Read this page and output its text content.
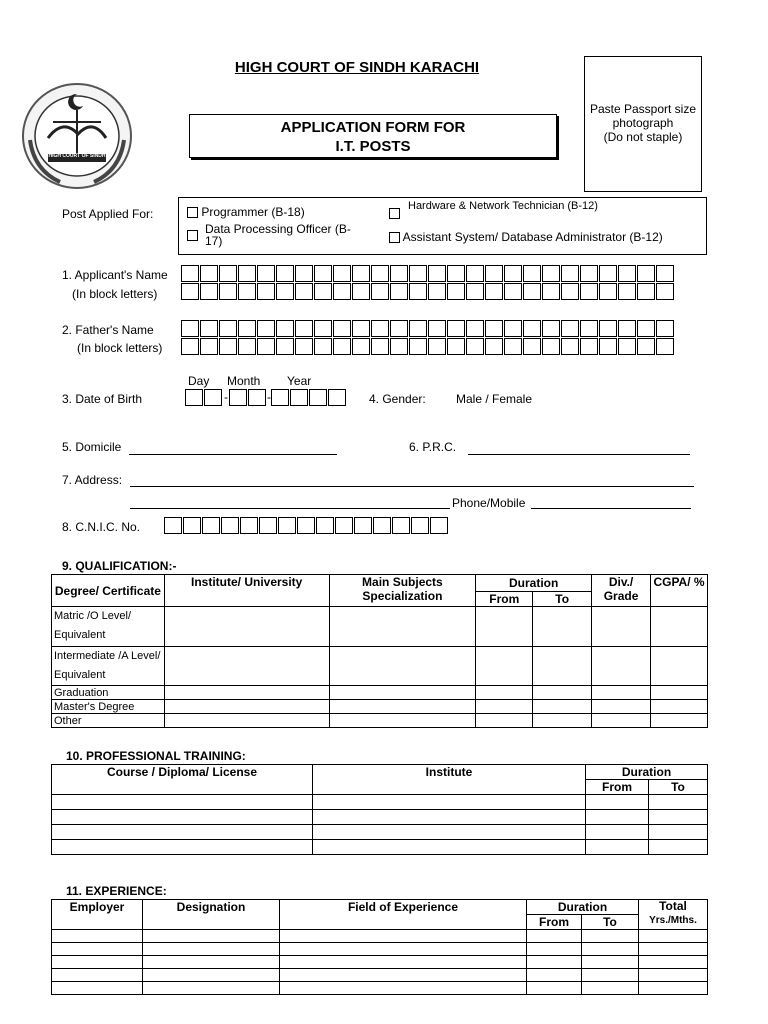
HIGH COURT OF SINDH
HIGH COURT OF SINDH KARACHI
APPLICATION FORM FOR
I.T. POSTS
Paste Passport size
photograph
(Do not staple)
Post Applied For:	Programmer (B-18)	Hardware & Network Technician (B-12)
Data Processing Officer (B-17)	Assistant System/ Database Administrator (B-12)
1. Applicant's Name
(In block letters)
2. Father's Name
(In block letters)
Day Month Year
3. Date of Birth	-	-	4. Gender:	Male / Female
5. Domicile	6. P.R.C.
7. Address:
Phone/Mobile
8. C.N.I.C. No.
9. QUALIFICATION:-
Degree/ Certificate	Institute/ University	Main Subjects Specialization	Duration		Div./ Grade	CGPA/ %
			From	To		
Matric /O Level/ Equivalent						
Intermediate /A Level/ Equivalent						
Graduation						
Master's Degree						
Other						
10. PROFESSIONAL TRAINING:
Course / Diploma/ License	Institute	Duration	
		From	To

11. EXPERIENCE:
Employer	Designation	Field of Experience	Duration		Total
Yrs./Mths.
			From	To	
